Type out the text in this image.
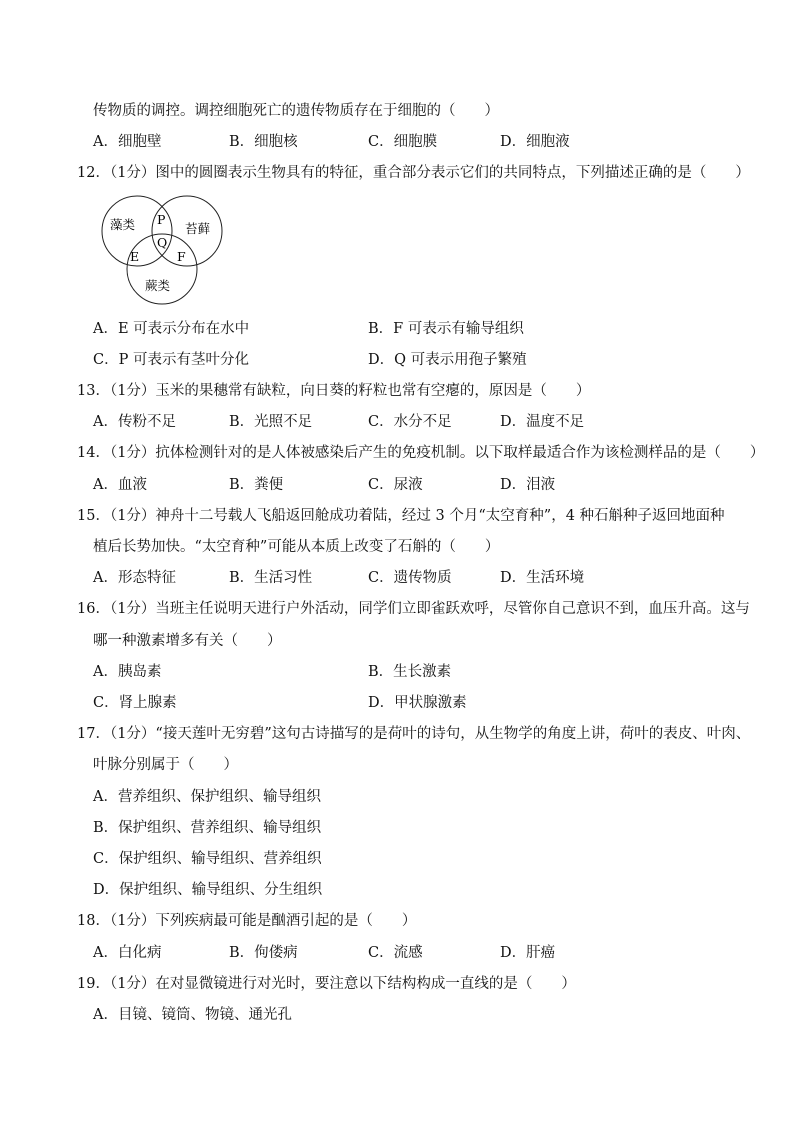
传物质的调控。调控细胞死亡的遗传物质存在于细胞的（　　）
A．细胞壁	B．细胞核	C．细胞膜	D．细胞液
12．（1分）图中的圆圈表示生物具有的特征，重合部分表示它们的共同特点，下列描述正确的是（　　）
藻类	苔藓
蕨类
P
Q
E	F
A．E 可表示分布在水中	B．F 可表示有输导组织
C．P 可表示有茎叶分化	D．Q 可表示用孢子繁殖
13．（1分）玉米的果穗常有缺粒，向日葵的籽粒也常有空瘪的，原因是（　　）
A．传粉不足	B．光照不足	C．水分不足	D．温度不足
14．（1分）抗体检测针对的是人体被感染后产生的免疫机制。以下取样最适合作为该检测样品的是（　　）
A．血液	B．粪便	C．尿液	D．泪液
15．（1分）神舟十二号载人飞船返回舱成功着陆，经过 3 个月“太空育种”，4 种石斛种子返回地面种
植后长势加快。“太空育种”可能从本质上改变了石斛的（　　）
A．形态特征	B．生活习性	C．遗传物质	D．生活环境
16．（1分）当班主任说明天进行户外活动，同学们立即雀跃欢呼，尽管你自己意识不到，血压升高。这与
哪一种激素增多有关（　　）
A．胰岛素	B．生长激素
C．肾上腺素	D．甲状腺激素
17．（1分）“接天莲叶无穷碧”这句古诗描写的是荷叶的诗句，从生物学的角度上讲，荷叶的表皮、叶肉、
叶脉分别属于（　　）
A．营养组织、保护组织、输导组织
B．保护组织、营养组织、输导组织
C．保护组织、输导组织、营养组织
D．保护组织、输导组织、分生组织
18．（1分）下列疾病最可能是酗酒引起的是（　　）
A．白化病	B．佝偻病	C．流感	D．肝癌
19．（1分）在对显微镜进行对光时，要注意以下结构构成一直线的是（　　）
A．目镜、镜筒、物镜、通光孔
